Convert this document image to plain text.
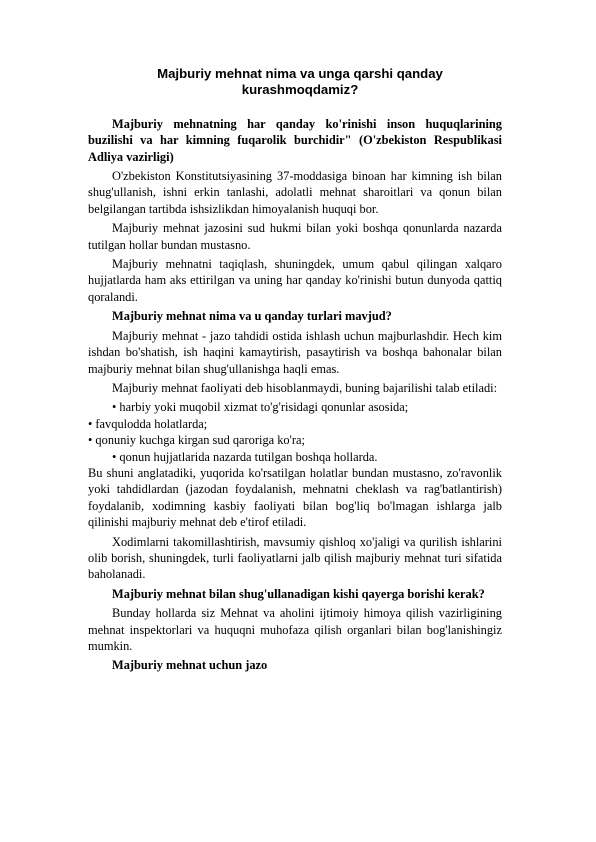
Majburiy mehnat nima va unga qarshi qanday kurashmoqdamiz?

Majburiy mehnatning har qanday ko'rinishi inson huquqlarining buzilishi va har kimning fuqarolik burchidir" (O'zbekiston Respublikasi Adliya vazirligi)

O'zbekiston Konstitutsiyasining 37-moddasiga binoan har kimning ish bilan shug'ullanish, ishni erkin tanlashi, adolatli mehnat sharoitlari va qonun bilan belgilangan tartibda ishsizlikdan himoyalanish huquqi bor.

Majburiy mehnat jazosini sud hukmi bilan yoki boshqa qonunlarda nazarda tutilgan hollar bundan mustasno.

Majburiy mehnatni taqiqlash, shuningdek, umum qabul qilingan xalqaro hujjatlarda ham aks ettirilgan va uning har qanday ko'rinishi butun dunyoda qattiq qoralandi.

Majburiy mehnat nima va u qanday turlari mavjud?

Majburiy mehnat - jazo tahdidi ostida ishlash uchun majburlashdir. Hech kim ishdan bo'shatish, ish haqini kamaytirish, pasaytirish va boshqa bahonalar bilan majburiy mehnat bilan shug'ullanishga haqli emas.

Majburiy mehnat faoliyati deb hisoblanmaydi, buning bajarilishi talab etiladi:

• harbiy yoki muqobil xizmat to'g'risidagi qonunlar asosida;

• favqulodda holatlarda;

• qonuniy kuchga kirgan sud qaroriga ko'ra;

• qonun hujjatlarida nazarda tutilgan boshqa hollarda.

Bu shuni anglatadiki, yuqorida ko'rsatilgan holatlar bundan mustasno, zo'ravonlik yoki tahdidlardan (jazodan foydalanish, mehnatni cheklash va rag'batlantirish) foydalanib, xodimning kasbiy faoliyati bilan bog'liq bo'lmagan ishlarga jalb qilinishi majburiy mehnat deb e'tirof etiladi.

Xodimlarni takomillashtirish, mavsumiy qishloq xo'jaligi va qurilish ishlarini olib borish, shuningdek, turli faoliyatlarni jalb qilish majburiy mehnat turi sifatida baholanadi.

Majburiy mehnat bilan shug'ullanadigan kishi qayerga borishi kerak?

Bunday hollarda siz Mehnat va aholini ijtimoiy himoya qilish vazirligining mehnat inspektorlari va huquqni muhofaza qilish organlari bilan bog'lanishingiz mumkin.

Majburiy mehnat uchun jazo
